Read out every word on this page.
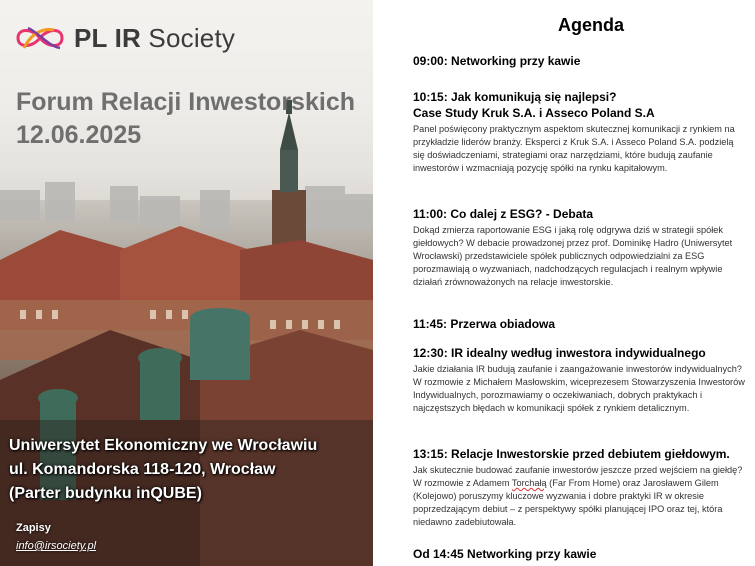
PL IR Society
Forum Relacji Inwestorskich
12.06.2025
Uniwersytet Ekonomiczny we Wrocławiu
ul. Komandorska 118-120, Wrocław
(Parter budynku inQUBE)
Zapisy
info@irsociety.pl
Agenda
09:00: Networking przy kawie
10:15: Jak komunikują się najlepsi?
Case Study Kruk S.A. i Asseco Poland S.A

Panel poświęcony praktycznym aspektom skutecznej komunikacji z rynkiem na przykładzie liderów branży. Eksperci z Kruk S.A. i Asseco Poland S.A. podzielą się doświadczeniami, strategiami oraz narzędziami, które budują zaufanie inwestorów i wzmacniają pozycję spółki na rynku kapitałowym.

11:00: Co dalej z ESG? - Debata

Dokąd zmierza raportowanie ESG i jaką rolę odgrywa dziś w strategii spółek giełdowych? W debacie prowadzonej przez prof. Dominikę Hadro (Uniwersytet Wrocławski) przedstawiciele spółek publicznych odpowiedzialni za ESG porozmawiają o wyzwaniach, nadchodzących regulacjach i realnym wpływie działań zrównoważonych na relacje inwestorskie.

11:45: Przerwa obiadowa
12:30: IR idealny według inwestora indywidualnego

Jakie działania IR budują zaufanie i zaangażowanie inwestorów indywidualnych? W rozmowie z Michałem Masłowskim, wiceprezesem Stowarzyszenia Inwestorów Indywidualnych, porozmawiamy o oczekiwaniach, dobrych praktykach i najczęstszych błędach w komunikacji spółek z rynkiem detalicznym.

13:15: Relacje Inwestorskie przed debiutem giełdowym.

Jak skutecznie budować zaufanie inwestorów jeszcze przed wejściem na giełdę? W rozmowie z Adamem Torchałą (Far From Home) oraz Jarosławem Gilem (Kolejowo) poruszymy kluczowe wyzwania i dobre praktyki IR w okresie poprzedzającym debiut – z perspektywy spółki planującej IPO oraz tej, która niedawno zadebiutowała.

Od 14:45 Networking przy kawie
